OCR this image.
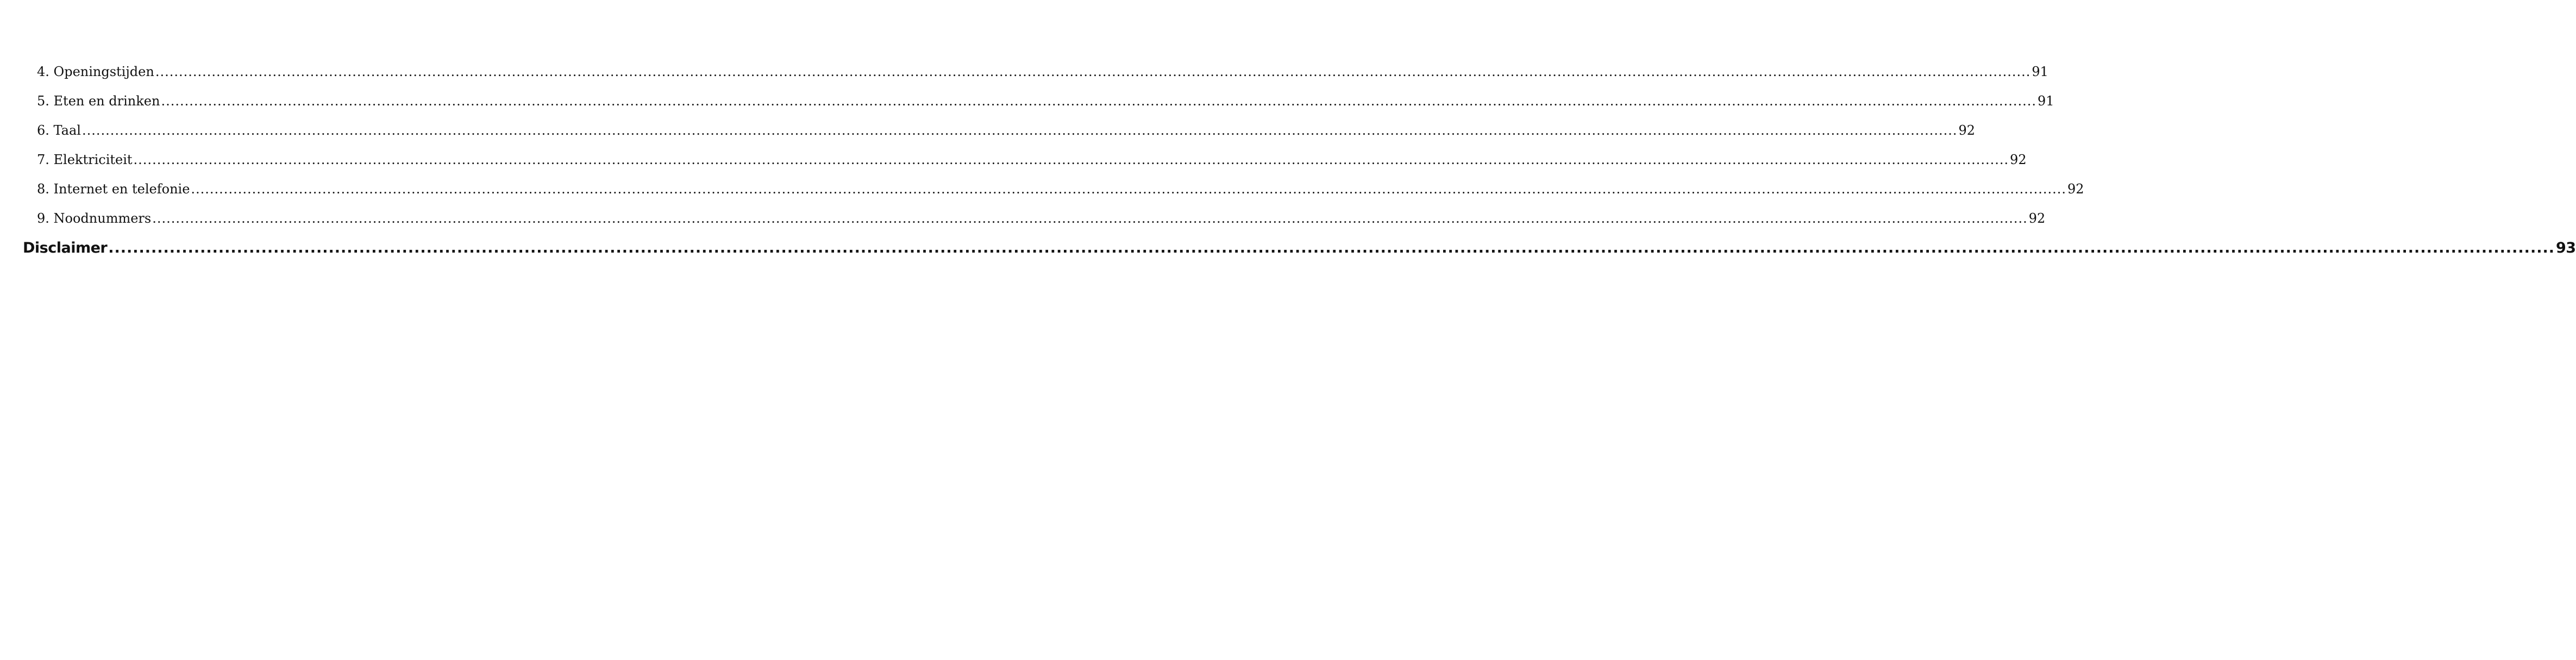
4. Openingstijden ................................................................................................................................................................................................................................................................................................................................................................................................................ 91
5. Eten en drinken ................................................................................................................................................................................................................................................................................................................................................................................................................ 91
6. Taal ................................................................................................................................................................................................................................................................................................................................................................................................................ 92
7. Elektriciteit ................................................................................................................................................................................................................................................................................................................................................................................................................ 92
8. Internet en telefonie ................................................................................................................................................................................................................................................................................................................................................................................................................ 92
9. Noodnummers ................................................................................................................................................................................................................................................................................................................................................................................................................ 92
Disclaimer ................................................................................................................................................................................................................................................................................................................................................................................................................ 93
